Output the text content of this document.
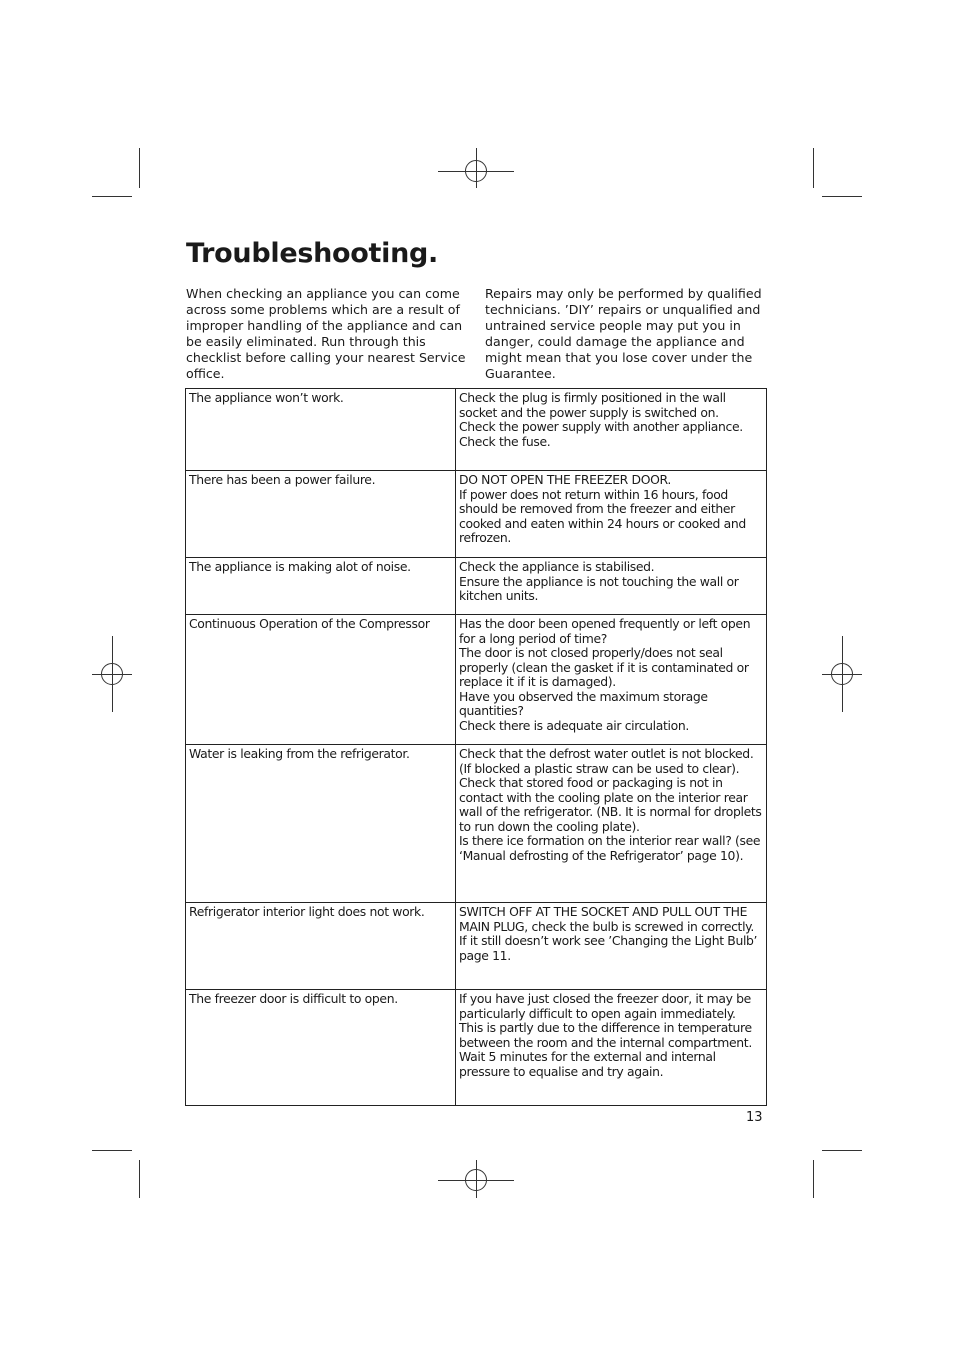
Troubleshooting.

When checking an appliance you can come across some problems which are a result of improper handling of the appliance and can be easily eliminated. Run through this checklist before calling your nearest Service office.

Repairs may only be performed by qualified technicians. ’DIY’ repairs or unqualified and untrained service people may put you in danger, could damage the appliance and might mean that you lose cover under the Guarantee.

The appliance won’t work.	Check the plug is firmly positioned in the wall socket and the power supply is switched on.
Check the power supply with another appliance.
Check the fuse.

There has been a power failure.	DO NOT OPEN THE FREEZER DOOR.
If power does not return within 16 hours, food should be removed from the freezer and either cooked and eaten within 24 hours or cooked and refrozen.

The appliance is making alot of noise.	Check the appliance is stabilised.
Ensure the appliance is not touching the wall or kitchen units.

Continuous Operation of the Compressor	Has the door been opened frequently or left open for a long period of time?
The door is not closed properly/does not seal properly (clean the gasket if it is contaminated or replace it if it is damaged).
Have you observed the maximum storage quantities?
Check there is adequate air circulation.

Water is leaking from the refrigerator.	Check that the defrost water outlet is not blocked. (If blocked a plastic straw can be used to clear).
Check that stored food or packaging is not in contact with the cooling plate on the interior rear wall of the refrigerator. (NB. It is normal for droplets to run down the cooling plate).
Is there ice formation on the interior rear wall? (see ‘Manual defrosting of the Refrigerator’ page 10).

Refrigerator interior light does not work.	SWITCH OFF AT THE SOCKET AND PULL OUT THE MAIN PLUG, check the bulb is screwed in correctly.
If it still doesn’t work see ’Changing the Light Bulb’ page 11.

The freezer door is difficult to open.	If you have just closed the freezer door, it may be particularly difficult to open again immediately. This is partly due to the difference in temperature between the room and the internal compartment. Wait 5 minutes for the external and internal pressure to equalise and try again.
13
